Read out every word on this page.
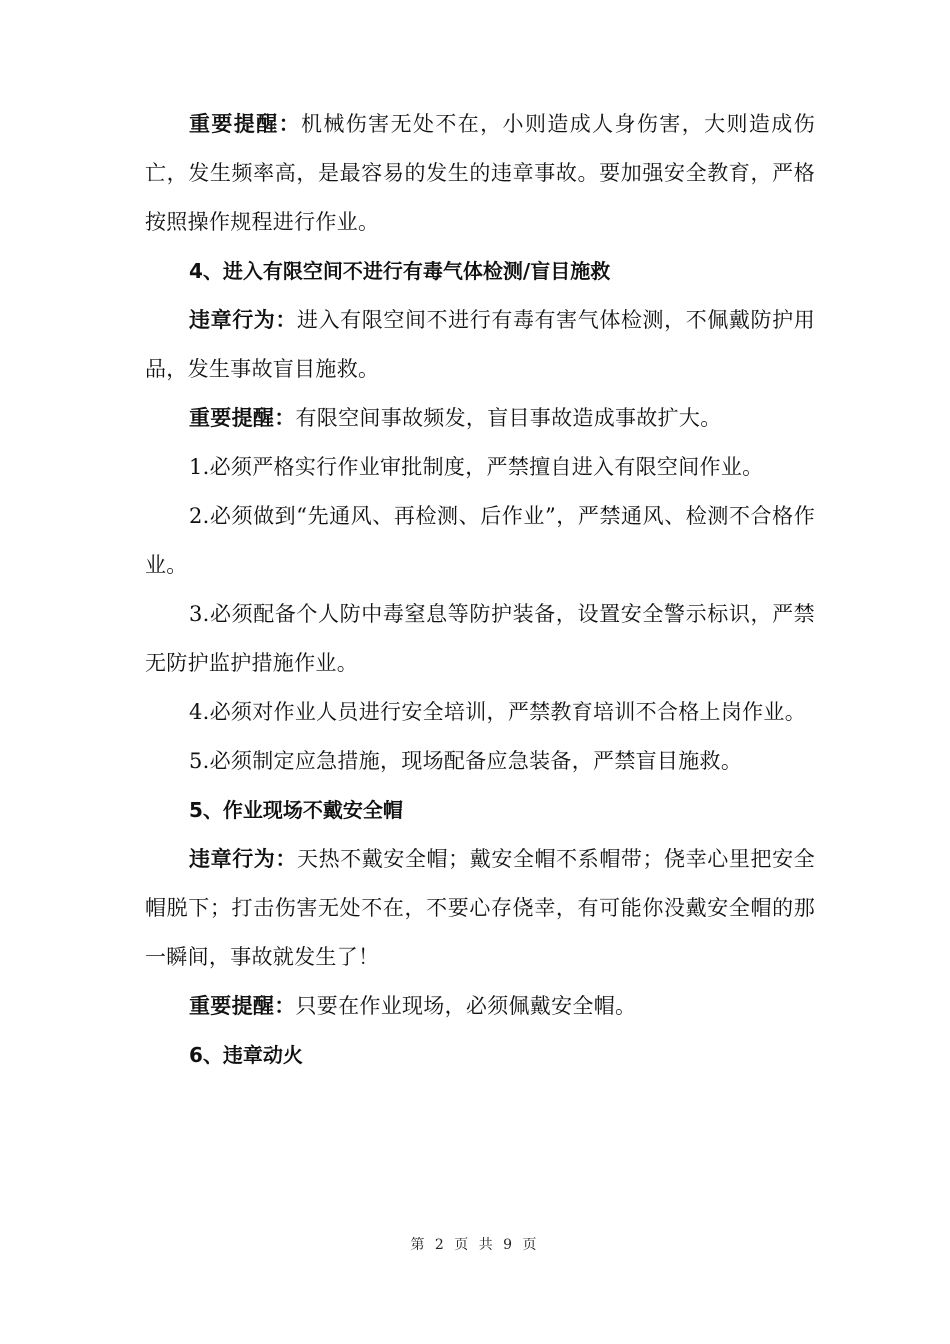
重要提醒：机械伤害无处不在，小则造成人身伤害，大则造成伤亡，发生频率高，是最容易的发生的违章事故。要加强安全教育，严格按照操作规程进行作业。

4、进入有限空间不进行有毒气体检测/盲目施救

违章行为：进入有限空间不进行有毒有害气体检测，不佩戴防护用品，发生事故盲目施救。

重要提醒：有限空间事故频发，盲目事故造成事故扩大。

1.必须严格实行作业审批制度，严禁擅自进入有限空间作业。

2.必须做到“先通风、再检测、后作业”，严禁通风、检测不合格作业。

3.必须配备个人防中毒窒息等防护装备，设置安全警示标识，严禁无防护监护措施作业。

4.必须对作业人员进行安全培训，严禁教育培训不合格上岗作业。

5.必须制定应急措施，现场配备应急装备，严禁盲目施救。

5、作业现场不戴安全帽

违章行为：天热不戴安全帽；戴安全帽不系帽带；侥幸心里把安全帽脱下；打击伤害无处不在，不要心存侥幸，有可能你没戴安全帽的那一瞬间，事故就发生了！

重要提醒：只要在作业现场，必须佩戴安全帽。

6、违章动火

第 2 页 共 9 页
